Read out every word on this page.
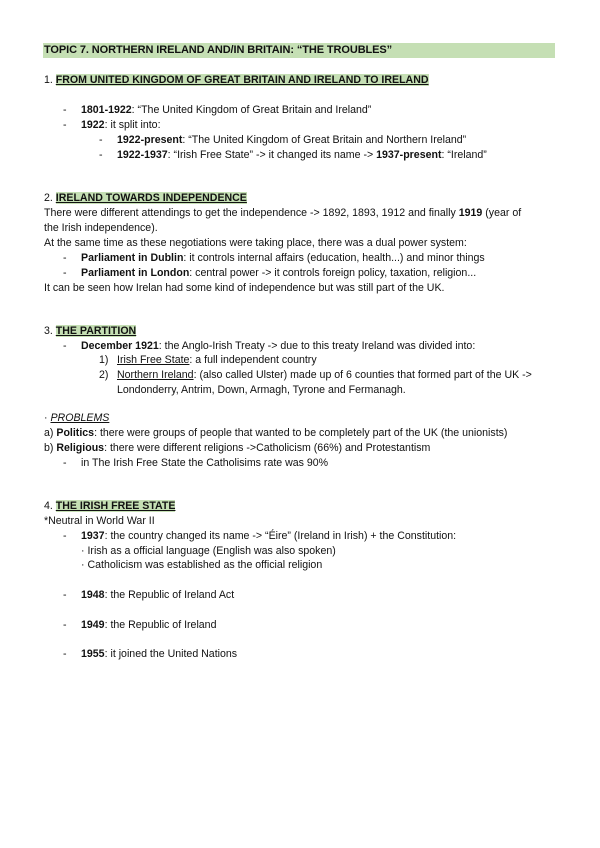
TOPIC 7. NORTHERN IRELAND AND/IN BRITAIN: “THE TROUBLES”
1. FROM UNITED KINGDOM OF GREAT BRITAIN AND IRELAND TO IRELAND
-	1801-1922: “The United Kingdom of Great Britain and Ireland”
-	1922: it split into:
-	1922-present: “The United Kingdom of Great Britain and Northern Ireland”
-	1922-1937: “Irish Free State” -> it changed its name -> 1937-present: “Ireland”
2. IRELAND TOWARDS INDEPENDENCE
There were different attendings to get the independence -> 1892, 1893, 1912 and finally 1919 (year of
the Irish independence).
At the same time as these negotiations were taking place, there was a dual power system:
-	Parliament in Dublin: it controls internal affairs (education, health...) and minor things
-	Parliament in London: central power -> it controls foreign policy, taxation, religion...
It can be seen how Irelan had some kind of independence but was still part of the UK.
3. THE PARTITION
-	December 1921: the Anglo-Irish Treaty -> due to this treaty Ireland was divided into:
1) Irish Free State: a full independent country
2) Northern Ireland: (also called Ulster) made up of 6 counties that formed part of the UK ->
Londonderry, Antrim, Down, Armagh, Tyrone and Fermanagh.
· PROBLEMS
a) Politics: there were groups of people that wanted to be completely part of the UK (the unionists)
b) Religious: there were different religions ->Catholicism (66%) and Protestantism
-	in The Irish Free State the Catholisims rate was 90%
4. THE IRISH FREE STATE
*Neutral in World War II
-	1937: the country changed its name -> “Éire” (Ireland in Irish) + the Constitution:
· Irish as a official language (English was also spoken)
· Catholicism was established as the official religion
-	1948: the Republic of Ireland Act
-	1949: the Republic of Ireland
-	1955: it joined the United Nations
